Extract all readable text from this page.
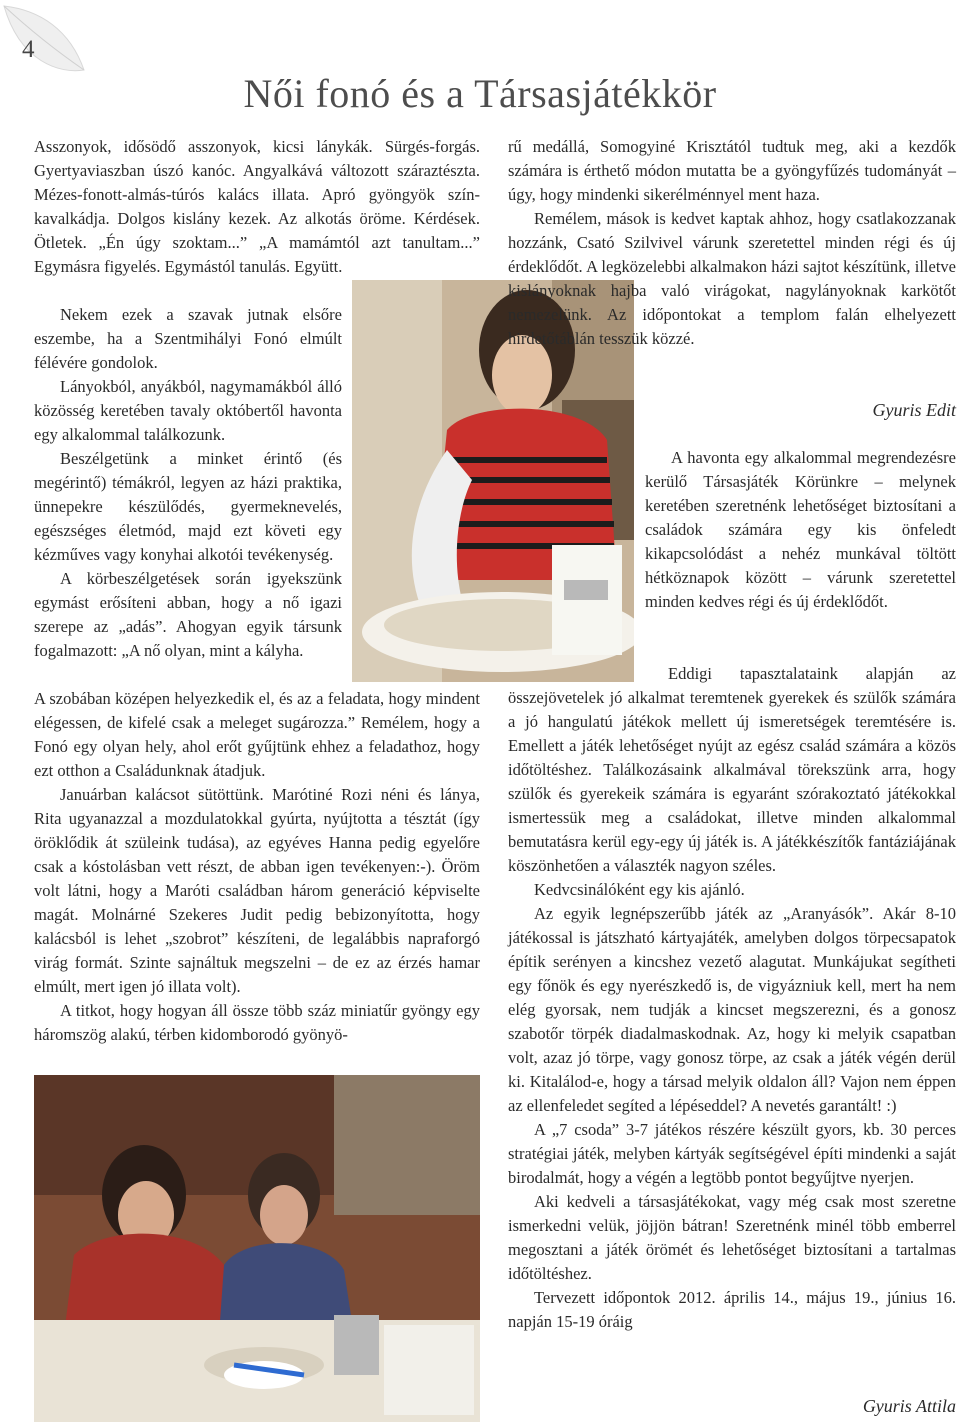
4
Női fonó és a Társasjátékkör

Asszonyok, idősödő asszonyok, kicsi lánykák. Sürgés-forgás. Gyertyaviaszban úszó kanóc. Angyalkává változott száraztészta. Mézes-fonott-almás-túrós kalács illata. Apró gyöngyök szín-kavalkádja. Dolgos kislány kezek. Az alkotás öröme. Kérdések. Ötletek. „Én úgy szoktam...” „A mamámtól azt tanultam...” Egymásra figyelés. Egymástól tanulás. Együtt.

Nekem ezek a szavak jutnak elsőre eszembe, ha a Szentmihályi Fonó elmúlt félévére gondolok.

Lányokból, anyákból, nagymamákból álló közösség keretében tavaly októbertől havonta egy alkalommal találkozunk.

Beszélgetünk a minket érintő (és megérintő) témákról, legyen az házi praktika, ünnepekre készülődés, gyermeknevelés, egészséges életmód, majd ezt követi egy kézműves vagy konyhai alkotói tevékenység.

A körbeszélgetések során igyekszünk egymást erősíteni abban, hogy a nő igazi szerepe az „adás”. Ahogyan egyik társunk fogalmazott: „A nő olyan, mint a kályha.

A szobában középen helyezkedik el, és az a feladata, hogy mindent elégessen, de kifelé csak a meleget sugározza.” Remélem, hogy a Fonó egy olyan hely, ahol erőt gyűjtünk ehhez a feladathoz, hogy ezt otthon a Családunknak átadjuk.

Januárban kalácsot sütöttünk. Marótiné Rozi néni és lánya, Rita ugyanazzal a mozdulatokkal gyúrta, nyújtotta a tésztát (így öröklődik át szüleink tudása), az egyéves Hanna pedig egyelőre csak a kóstolásban vett részt, de abban igen tevékenyen:-). Öröm volt látni, hogy a Maróti családban három generáció képviselte magát. Molnárné Szekeres Judit pedig bebizonyította, hogy kalácsból is lehet „szobrot” készíteni, de legalábbis napraforgó virág formát. Szinte sajnáltuk megszelni – de ez az érzés hamar elmúlt, mert igen jó illata volt).

A titkot, hogy hogyan áll össze több száz miniatűr gyöngy egy háromszög alakú, térben kidomborodó gyönyö-

rű medállá, Somogyiné Krisztától tudtuk meg, aki a kezdők számára is érthető módon mutatta be a gyöngyfűzés tudományát – úgy, hogy mindenki sikerélménnyel ment haza.

Remélem, mások is kedvet kaptak ahhoz, hogy csatlakozzanak hozzánk, Csató Szilvivel várunk szeretettel minden régi és új érdeklődőt. A legközelebbi alkalmakon házi sajtot készítünk, illetve kislányoknak hajba való virágokat, nagylányoknak karkötőt nemezelünk. Az időpontokat a templom falán elhelyezett hirdetőtáblán tesszük közzé.

Gyuris Edit

A havonta egy alkalommal megrendezésre kerülő Társasjáték Körünkre – melynek keretében szeretnénk lehetőséget biztosítani a családok számára egy kis önfeledt kikapcsolódást a nehéz munkával töltött hétköznapok között – várunk szeretettel minden kedves régi és új érdeklődőt.

Eddigi tapasztalataink alapján az összejövetelek jó alkalmat teremtenek gyerekek és szülők számára a jó hangulatú játékok mellett új ismeretségek teremtésére is. Emellett a játék lehetőséget nyújt az egész család számára a közös időtöltéshez. Találkozásaink alkalmával törekszünk arra, hogy szülők és gyerekeik számára is egyaránt szórakoztató játékokkal ismertessük meg a családokat, illetve minden alkalommal bemutatásra kerül egy-egy új játék is. A játékkészítők fantáziájának köszönhetően a választék nagyon széles.

Kedvcsinálóként egy kis ajánló.

Az egyik legnépszerűbb játék az „Aranyásók”. Akár 8-10 játékossal is játszható kártyajáték, amelyben dolgos törpecsapatok építik serényen a kincshez vezető alagutat. Munkájukat segítheti egy főnök és egy nyerészkedő is, de vigyázniuk kell, mert ha nem elég gyorsak, nem tudják a kincset megszerezni, és a gonosz szabotőr törpék diadalmaskodnak. Az, hogy ki melyik csapatban volt, azaz jó törpe, vagy gonosz törpe, az csak a játék végén derül ki. Kitalálod-e, hogy a társad melyik oldalon áll? Vajon nem éppen az ellenfeledet segíted a lépéseddel? A nevetés garantált! :)

A „7 csoda” 3-7 játékos részére készült gyors, kb. 30 perces stratégiai játék, melyben kártyák segítségével építi mindenki a saját birodalmát, hogy a végén a legtöbb pontot begyűjtve nyerjen.

Aki kedveli a társasjátékokat, vagy még csak most szeretne ismerkedni velük, jöjjön bátran! Szeretnénk minél több emberrel megosztani a játék örömét és lehetőséget biztosítani a tartalmas időtöltéshez.

Tervezett időpontok 2012. április 14., május 19., június 16. napján 15-19 óráig

Gyuris Attila
